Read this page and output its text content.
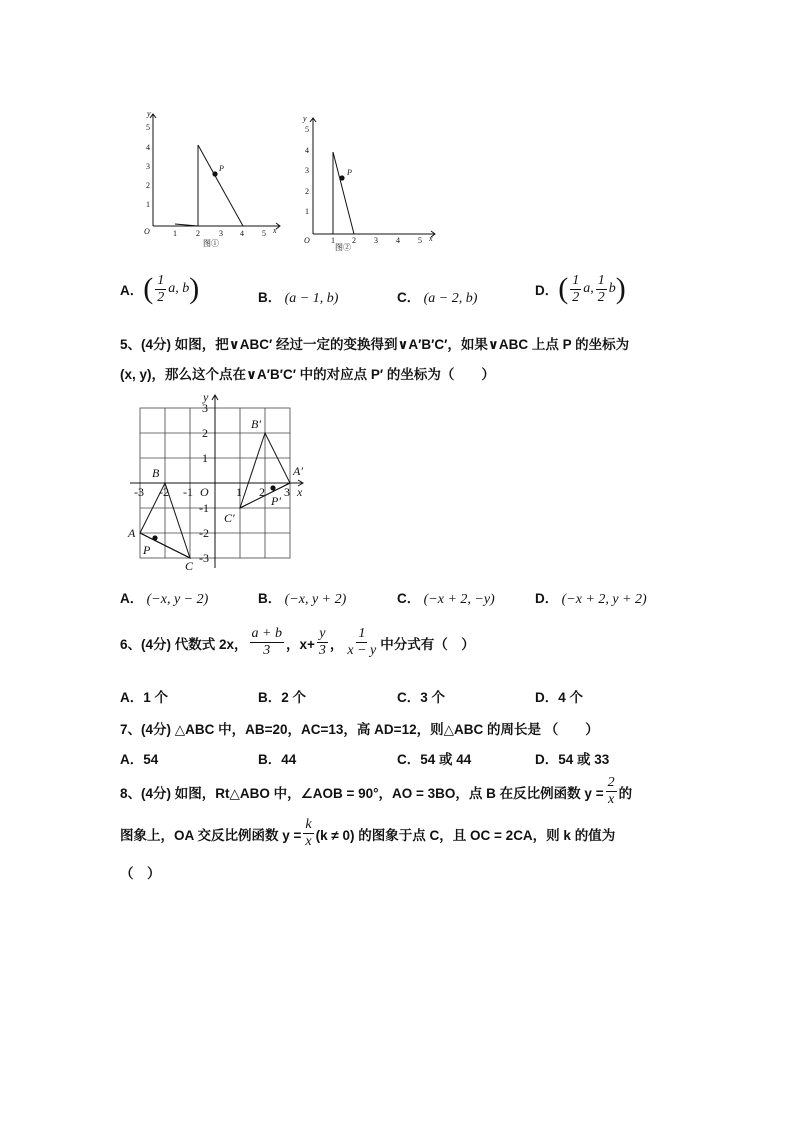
y
x
O
P
1 2 3 4 5
1
2
3
4
5
图①
y
x
O
P
1 2 3 4 5
1
2
3
4
5
图②
A． ( $\frac{1}{2} a$, b )	B． (a − 1, b)	C． (a − 2, b)
D． ( $\frac{1}{2} a$, $\frac{1}{2}$ b )
5、(4分) 如图，把∨ABC′ 经过一定的变换得到∨A′B′C′，如果∨ABC 上点 P 的坐标为
(x, y)，那么这个点在∨A′B′C′ 中的对应点 P′ 的坐标为（　　）
y
x
O
-3 -2 -1	1 2 3
3
2
1
-1
-2
-3
B
A
C
P
B′
A′
C′
P′
A． (−x, y − 2)	B． (−x, y + 2)	C． (−x + 2, −y)	D． (−x + 2, y + 2)
6、(4分) 代数式 2x， $\frac{a + b}{3}$ ，$x+ \frac{y}{3}$ ， $\frac{1}{x - y}$ 中分式有（　）
A．1 个	B．2 个	C．3 个	D．4 个
7、(4分) △ABC 中，AB=20，AC=13，高 AD=12，则△ABC 的周长是 （　　）
A．54	B．44	C．54 或 44	D．54 或 33
8、(4分) 如图，Rt△ABO 中，∠AOB = 90°，AO = 3BO，点 B 在反比例函数 $y = \frac{2}{x}$ 的
图象上，OA 交反比例函数 $y = \frac{k}{x} (k \ne 0)$ 的图象于点 C，且 OC = 2CA，则 k 的值为
（　）
